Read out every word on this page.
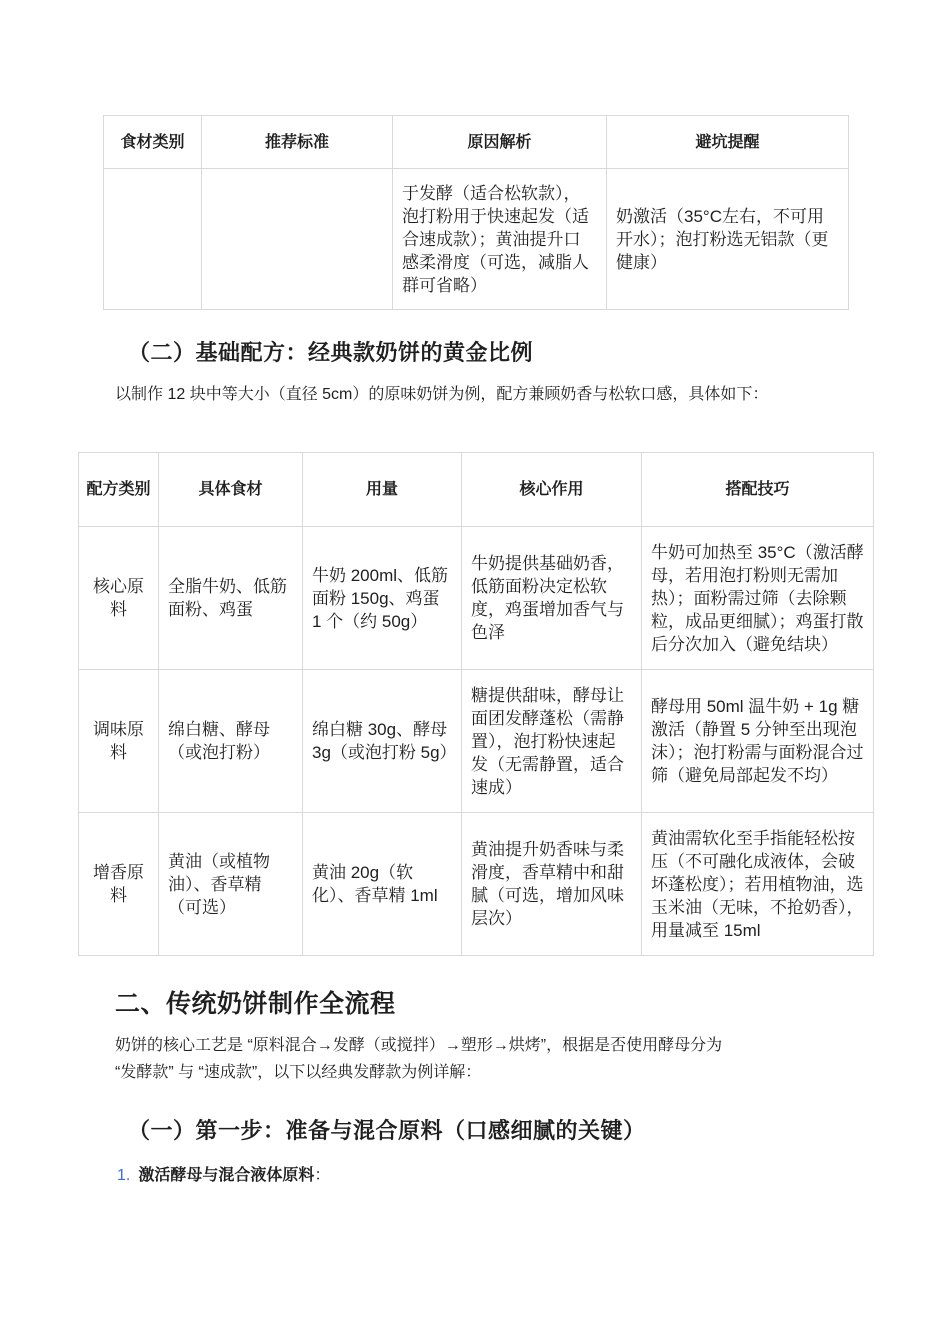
食材类别	推荐标准	原因解析	避坑提醒
		于发酵（适合松软款），泡打粉用于快速起发（适合速成款）；黄油提升口感柔滑度（可选，减脂人群可省略）	奶激活（35°C左右，不可用开水）；泡打粉选无铝款（更健康）
（二）基础配方：经典款奶饼的黄金比例

以制作 12 块中等大小（直径 5cm）的原味奶饼为例，配方兼顾奶香与松软口感，具体如下：

配方类别	具体食材	用量	核心作用	搭配技巧
核心原料	全脂牛奶、低筋面粉、鸡蛋	牛奶 200ml、低筋面粉 150g、鸡蛋 1 个（约 50g）	牛奶提供基础奶香，低筋面粉决定松软度，鸡蛋增加香气与色泽	牛奶可加热至 35°C（激活酵母，若用泡打粉则无需加热）；面粉需过筛（去除颗粒，成品更细腻）；鸡蛋打散后分次加入（避免结块）
调味原料	绵白糖、酵母（或泡打粉）	绵白糖 30g、酵母 3g（或泡打粉 5g）	糖提供甜味，酵母让面团发酵蓬松（需静置），泡打粉快速起发（无需静置，适合速成）	酵母用 50ml 温牛奶 + 1g 糖激活（静置 5 分钟至出现泡沫）；泡打粉需与面粉混合过筛（避免局部起发不均）
增香原料	黄油（或植物油）、香草精（可选）	黄油 20g（软化）、香草精 1ml	黄油提升奶香味与柔滑度，香草精中和甜腻（可选，增加风味层次）	黄油需软化至手指能轻松按压（不可融化成液体，会破坏蓬松度）；若用植物油，选玉米油（无味，不抢奶香），用量减至 15ml
二、传统奶饼制作全流程

奶饼的核心工艺是 “原料混合→发酵（或搅拌）→塑形→烘烤”，根据是否使用酵母分为

“发酵款” 与 “速成款”，以下以经典发酵款为例详解：

（一）第一步：准备与混合原料（口感细腻的关键）

1. 激活酵母与混合液体原料：
